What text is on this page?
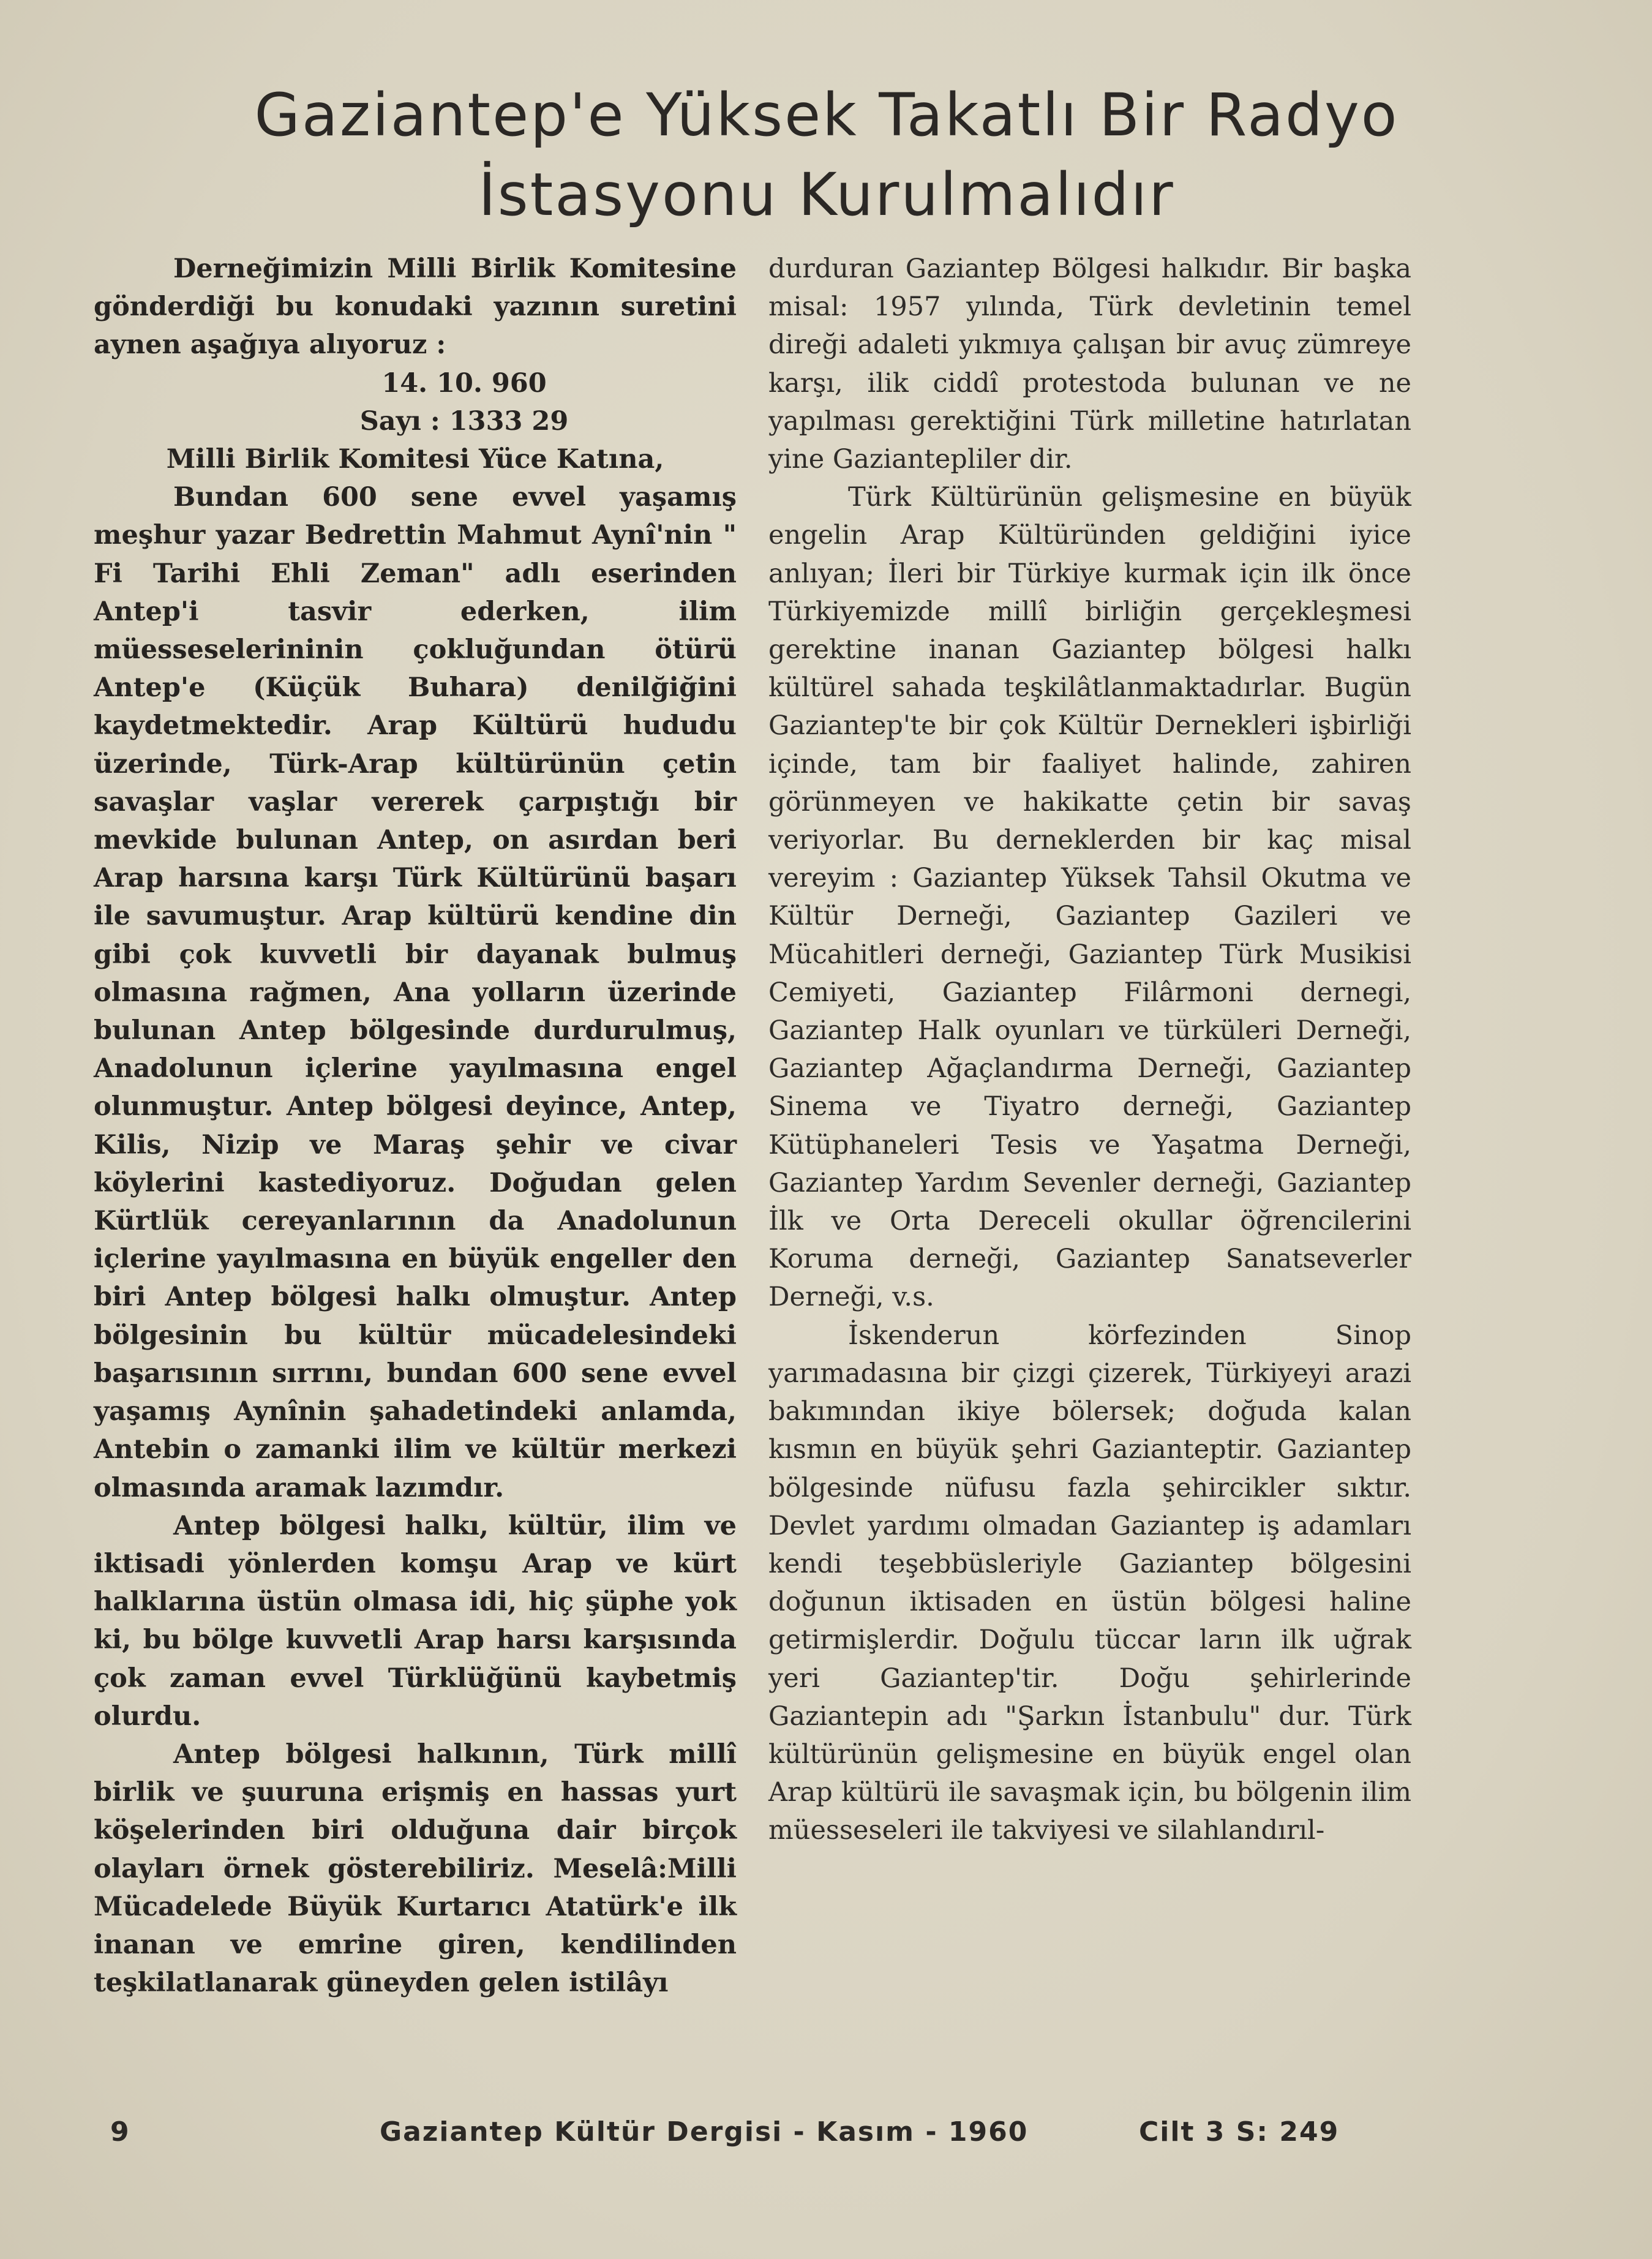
Gaziantep'e Yüksek Takatlı Bir Radyo
İstasyonu Kurulmalıdır

Derneğimizin Milli Birlik Komitesine gönderdiği bu konudaki yazının suretini aynen aşağıya alıyoruz :

14. 10. 960

Sayı : 1333 29

Milli Birlik Komitesi Yüce Katına,

Bundan 600 sene evvel yaşamış meşhur yazar Bedrettin Mahmut Aynî'nin " Fi Tarihi Ehli Zeman" adlı eserinden Antep'i tasvir ederken, ilim müesseselerininin çokluğundan ötürü Antep'e (Küçük Buhara) denilğiğini kaydetmektedir. Arap Kültürü hududu üzerinde, Türk-Arap kültürünün çetin savaşlar vaşlar vererek çarpıştığı bir mevkide bulunan Antep, on asırdan beri Arap harsına karşı Türk Kültürünü başarı ile savumuştur. Arap kültürü kendine din gibi çok kuvvetli bir dayanak bulmuş olmasına rağmen, Ana yolların üzerinde bulunan Antep bölgesinde durdurulmuş, Anadolunun içlerine yayılmasına engel olunmuştur. Antep bölgesi deyince, Antep, Kilis, Nizip ve Maraş şehir ve civar köylerini kastediyoruz. Doğudan gelen Kürtlük cereyanlarının da Anadolunun içlerine yayılmasına en büyük engeller den biri Antep bölgesi halkı olmuştur. Antep bölgesinin bu kültür mücadelesindeki başarısının sırrını, bundan 600 sene evvel yaşamış Aynînin şahadetindeki anlamda, Antebin o zamanki ilim ve kültür merkezi olmasında aramak lazımdır.

Antep bölgesi halkı, kültür, ilim ve iktisadi yönlerden komşu Arap ve kürt halklarına üstün olmasa idi, hiç şüphe yok ki, bu bölge kuvvetli Arap harsı karşısında çok zaman evvel Türklüğünü kaybetmiş olurdu.

Antep bölgesi halkının, Türk millî birlik ve şuuruna erişmiş en hassas yurt köşelerinden biri olduğuna dair birçok olayları örnek gösterebiliriz. Meselâ:Milli Mücadelede Büyük Kurtarıcı Atatürk'e ilk inanan ve emrine giren, kendilinden teşkilatlanarak güneyden gelen istilâyı

durduran Gaziantep Bölgesi halkıdır. Bir başka misal: 1957 yılında, Türk devletinin temel direği adaleti yıkmıya çalışan bir avuç zümreye karşı, ilik ciddî protestoda bulunan ve ne yapılması gerektiğini Türk milletine hatırlatan yine Gaziantepliler dir.

Türk Kültürünün gelişmesine en büyük engelin Arap Kültüründen geldiğini iyice anlıyan; İleri bir Türkiye kurmak için ilk önce Türkiyemizde millî birliğin gerçekleşmesi gerektine inanan Gaziantep bölgesi halkı kültürel sahada teşkilâtlanmaktadırlar. Bugün Gaziantep'te bir çok Kültür Dernekleri işbirliği içinde, tam bir faaliyet halinde, zahiren görünmeyen ve hakikatte çetin bir savaş veriyorlar. Bu derneklerden bir kaç misal vereyim : Gaziantep Yüksek Tahsil Okutma ve Kültür Derneği, Gaziantep Gazileri ve Mücahitleri derneği, Gaziantep Türk Musikisi Cemiyeti, Gaziantep Filârmoni dernegi, Gaziantep Halk oyunları ve türküleri Derneği, Gaziantep Ağaçlandırma Derneği, Gaziantep Sinema ve Tiyatro derneği, Gaziantep Kütüphaneleri Tesis ve Yaşatma Derneği, Gaziantep Yardım Sevenler derneği, Gaziantep İlk ve Orta Dereceli okullar öğrencilerini Koruma derneği, Gaziantep Sanatseverler Derneği, v.s.

İskenderun körfezinden Sinop yarımadasına bir çizgi çizerek, Türkiyeyi arazi bakımından ikiye bölersek; doğuda kalan kısmın en büyük şehri Gazianteptir. Gaziantep bölgesinde nüfusu fazla şehircikler sıktır. Devlet yardımı olmadan Gaziantep iş adamları kendi teşebbüsleriyle Gaziantep bölgesini doğunun iktisaden en üstün bölgesi haline getirmişlerdir. Doğulu tüccar ların ilk uğrak yeri Gaziantep'tir. Doğu şehirlerinde Gaziantepin adı "Şarkın İstanbulu" dur. Türk kültürünün gelişmesine en büyük engel olan Arap kültürü ile savaşmak için, bu bölgenin ilim müesseseleri ile takviyesi ve silahlandırıl-

9	Gaziantep Kültür Dergisi - Kasım - 1960	Cilt 3 S: 249
